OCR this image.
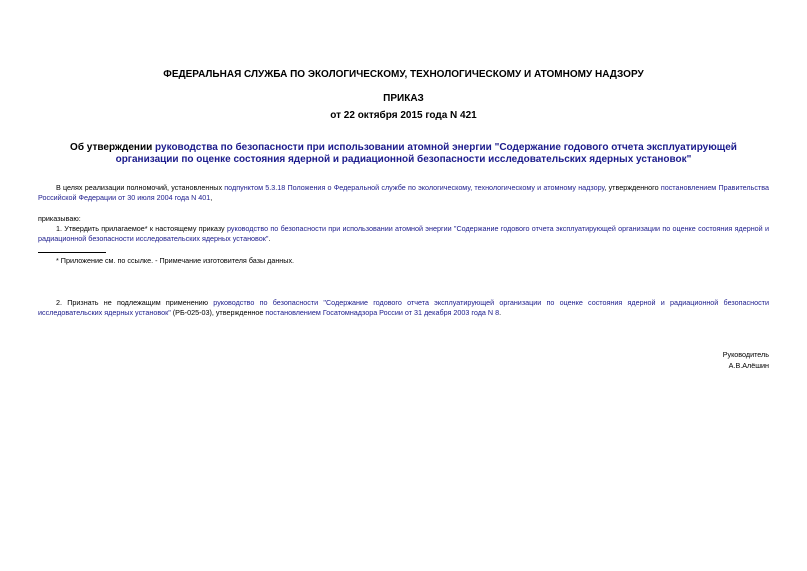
ФЕДЕРАЛЬНАЯ СЛУЖБА ПО ЭКОЛОГИЧЕСКОМУ, ТЕХНОЛОГИЧЕСКОМУ И АТОМНОМУ НАДЗОРУ
ПРИКАЗ
от 22 октября 2015 года N 421
Об утверждении руководства по безопасности при использовании атомной энергии "Содержание годового отчета эксплуатирующей организации по оценке состояния ядерной и радиационной безопасности исследовательских ядерных установок"
В целях реализации полномочий, установленных подпунктом 5.3.18 Положения о Федеральной службе по экологическому, технологическому и атомному надзору, утвержденного постановлением Правительства Российской Федерации от 30 июля 2004 года N 401,
приказываю:
1. Утвердить прилагаемое* к настоящему приказу руководство по безопасности при использовании атомной энергии "Содержание годового отчета эксплуатирующей организации по оценке состояния ядерной и радиационной безопасности исследовательских ядерных установок".
* Приложение см. по ссылке. - Примечание изготовителя базы данных.
2. Признать не подлежащим применению руководство по безопасности "Содержание годового отчета эксплуатирующей организации по оценке состояния ядерной и радиационной безопасности исследовательских ядерных установок" (РБ-025-03), утвержденное постановлением Госатомнадзора России от 31 декабря 2003 года N 8.
Руководитель
А.В.Алёшин
